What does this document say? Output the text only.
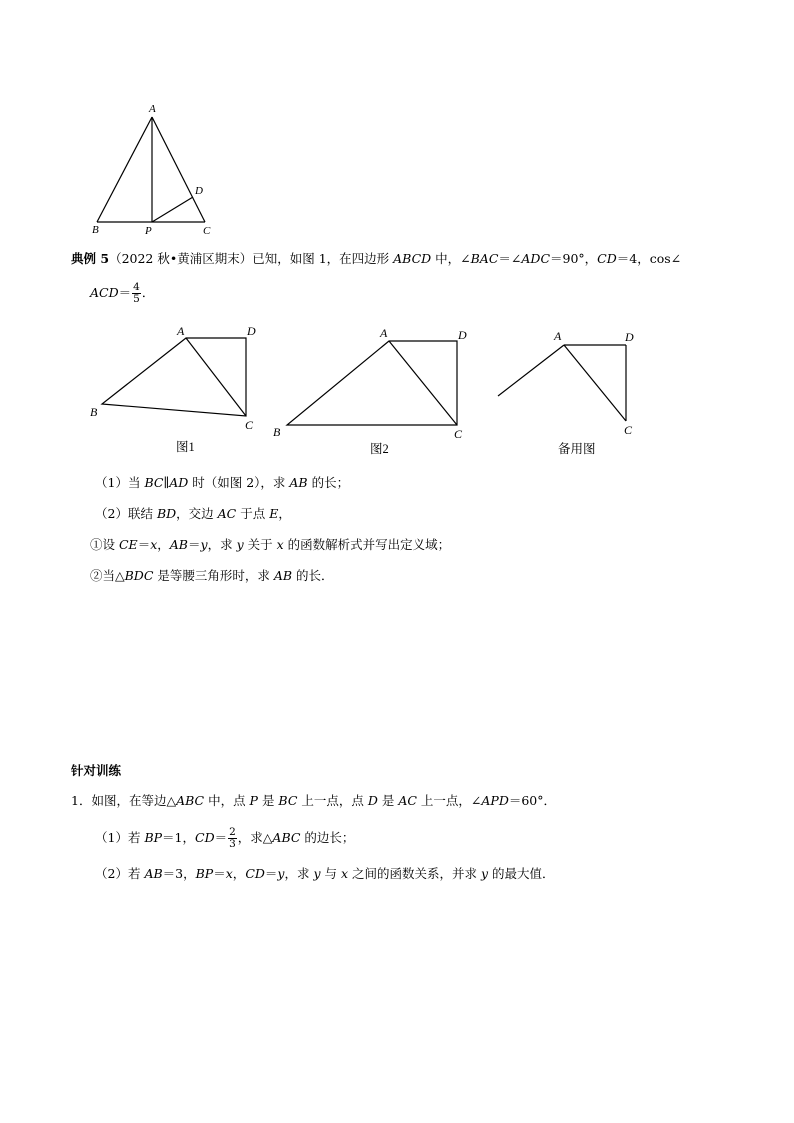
A
B	P	C
D
典例 5（2022 秋•黄浦区期末）已知，如图 1，在四边形 ABCD 中，∠BAC＝∠ADC＝90°，CD＝4，cos∠
$ACD= \frac{4}{5}$ ．
A	D
B
C
图1
A	D
B	C
图2
A	D
C
备用图
（1）当 BC∥AD 时（如图 2），求 AB 的长；
（2）联结 BD，交边 AC 于点 E，
①设 CE＝x，AB＝y，求 y 关于 x 的函数解析式并写出定义域；
②当△BDC 是等腰三角形时，求 AB 的长．
针对训练
1．如图，在等边△ABC 中，点 P 是 BC 上一点，点 D 是 AC 上一点，∠APD＝60°．
（1）若 BP＝1，$CD= \frac{2}{3}$ ，求△ABC 的边长；
（2）若 AB＝3，BP＝x，CD＝y，求 y 与 x 之间的函数关系，并求 y 的最大值．
